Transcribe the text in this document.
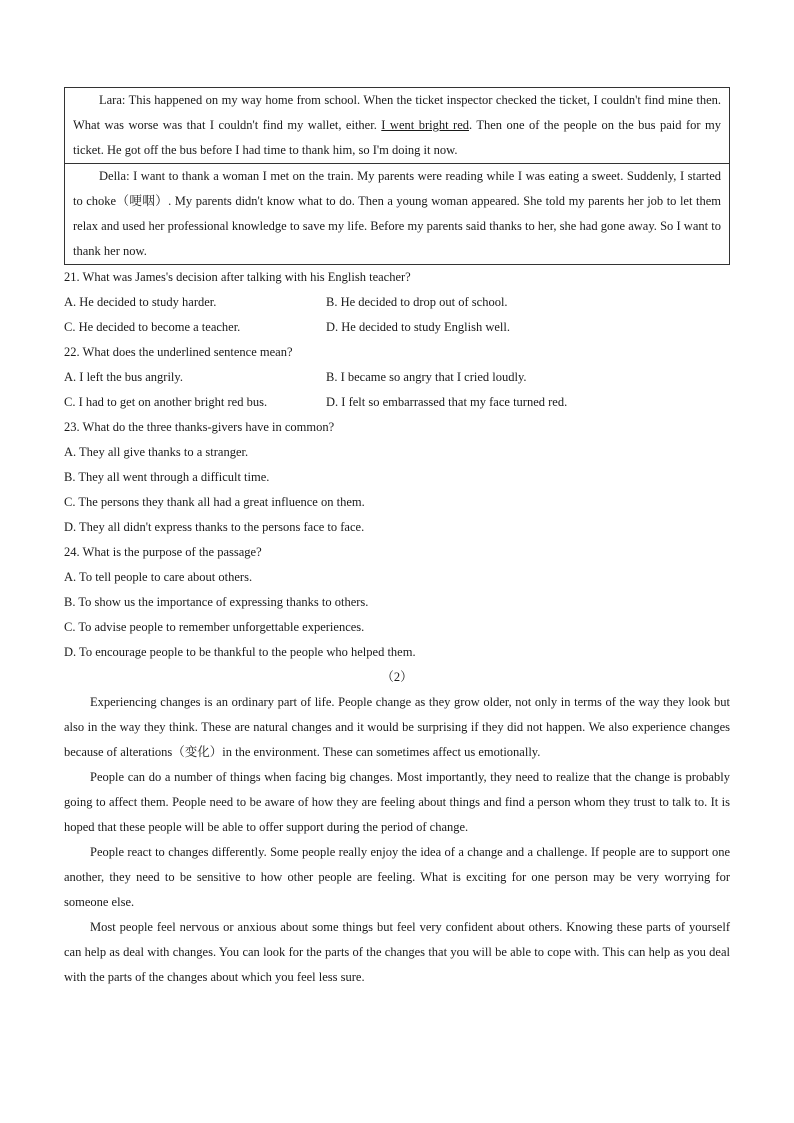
Lara: This happened on my way home from school. When the ticket inspector checked the ticket, I couldn't find mine then. What was worse was that I couldn't find my wallet, either. I went bright red. Then one of the people on the bus paid for my ticket. He got off the bus before I had time to thank him, so I'm doing it now.

Della: I want to thank a woman I met on the train. My parents were reading while I was eating a sweet. Suddenly, I started to choke（哽咽）. My parents didn't know what to do. Then a young woman appeared. She told my parents her job to let them relax and used her professional knowledge to save my life. Before my parents said thanks to her, she had gone away. So I want to thank her now.

21. What was James's decision after talking with his English teacher?

A. He decided to study harder.	B. He decided to drop out of school.
C. He decided to become a teacher.	D. He decided to study English well.

22. What does the underlined sentence mean?

A. I left the bus angrily.	B. I became so angry that I cried loudly.
C. I had to get on another bright red bus.	D. I felt so embarrassed that my face turned red.

23. What do the three thanks-givers have in common?

A. They all give thanks to a stranger.

B. They all went through a difficult time.

C. The persons they thank all had a great influence on them.

D. They all didn't express thanks to the persons face to face.

24. What is the purpose of the passage?

A. To tell people to care about others.

B. To show us the importance of expressing thanks to others.

C. To advise people to remember unforgettable experiences.

D. To encourage people to be thankful to the people who helped them.

（2）

Experiencing changes is an ordinary part of life. People change as they grow older, not only in terms of the way they look but also in the way they think. These are natural changes and it would be surprising if they did not happen. We also experience changes because of alterations（变化）in the environment. These can sometimes affect us emotionally.

People can do a number of things when facing big changes. Most importantly, they need to realize that the change is probably going to affect them. People need to be aware of how they are feeling about things and find a person whom they trust to talk to. It is hoped that these people will be able to offer support during the period of change.

People react to changes differently. Some people really enjoy the idea of a change and a challenge. If people are to support one another, they need to be sensitive to how other people are feeling. What is exciting for one person may be very worrying for someone else.

Most people feel nervous or anxious about some things but feel very confident about others. Knowing these parts of yourself can help as deal with changes. You can look for the parts of the changes that you will be able to cope with. This can help as you deal with the parts of the changes about which you feel less sure.
